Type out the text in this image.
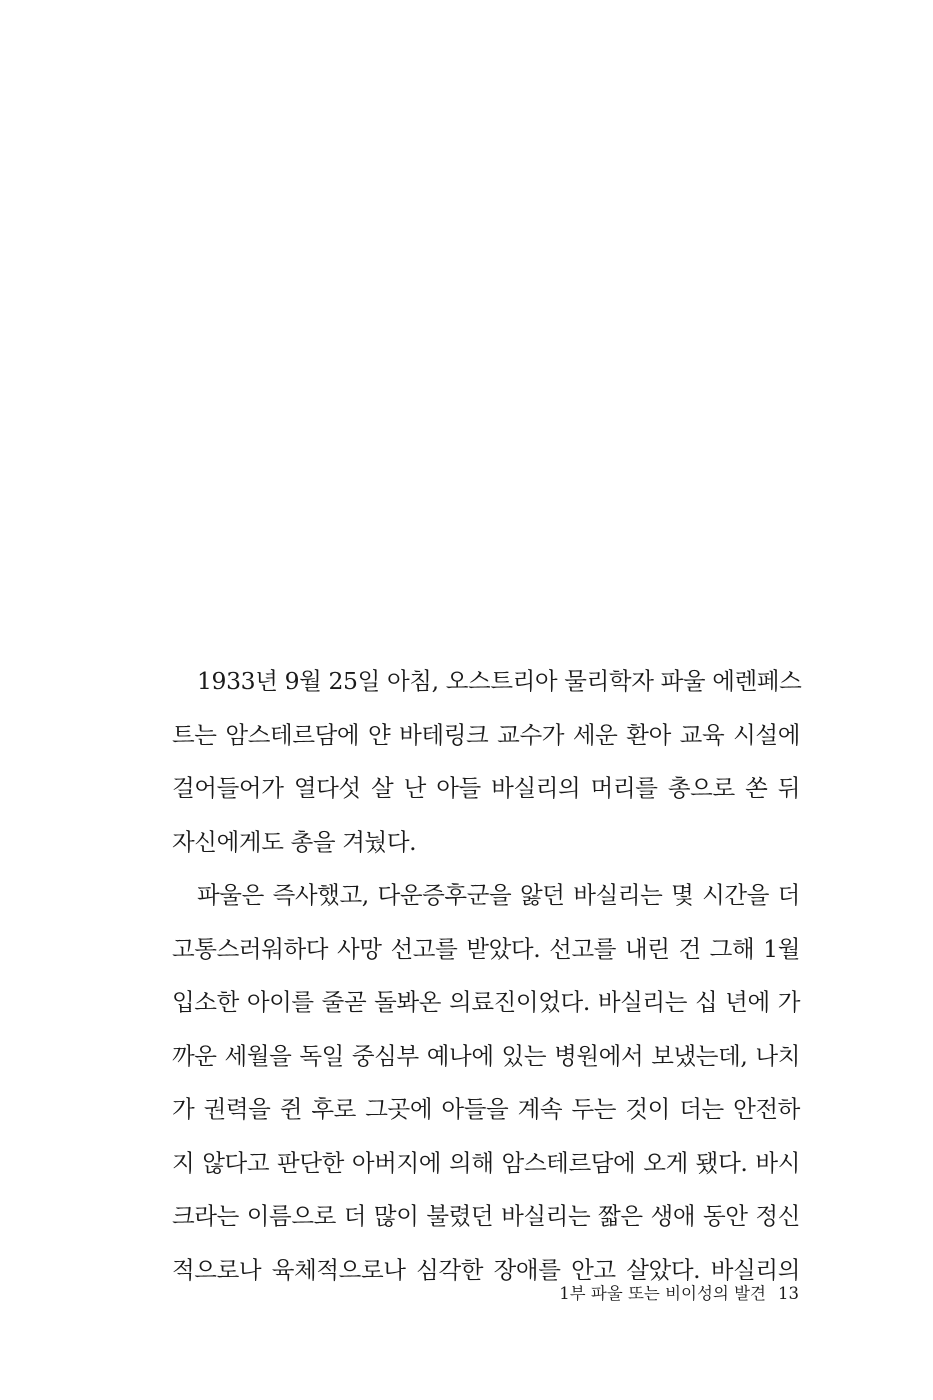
1933년 9월 25일 아침, 오스트리아 물리학자 파울 에렌페스
트는 암스테르담에 얀 바테링크 교수가 세운 환아 교육 시설에
걸어들어가 열다섯 살 난 아들 바실리의 머리를 총으로 쏜 뒤
자신에게도 총을 겨눴다.
파울은 즉사했고, 다운증후군을 앓던 바실리는 몇 시간을 더
고통스러워하다 사망 선고를 받았다. 선고를 내린 건 그해 1월
입소한 아이를 줄곧 돌봐온 의료진이었다. 바실리는 십 년에 가
까운 세월을 독일 중심부 예나에 있는 병원에서 보냈는데, 나치
가 권력을 쥔 후로 그곳에 아들을 계속 두는 것이 더는 안전하
지 않다고 판단한 아버지에 의해 암스테르담에 오게 됐다. 바시
크라는 이름으로 더 많이 불렸던 바실리는 짧은 생애 동안 정신
적으로나 육체적으로나 심각한 장애를 안고 살았다. 바실리의
1부 파울 또는 비이성의 발견 13
